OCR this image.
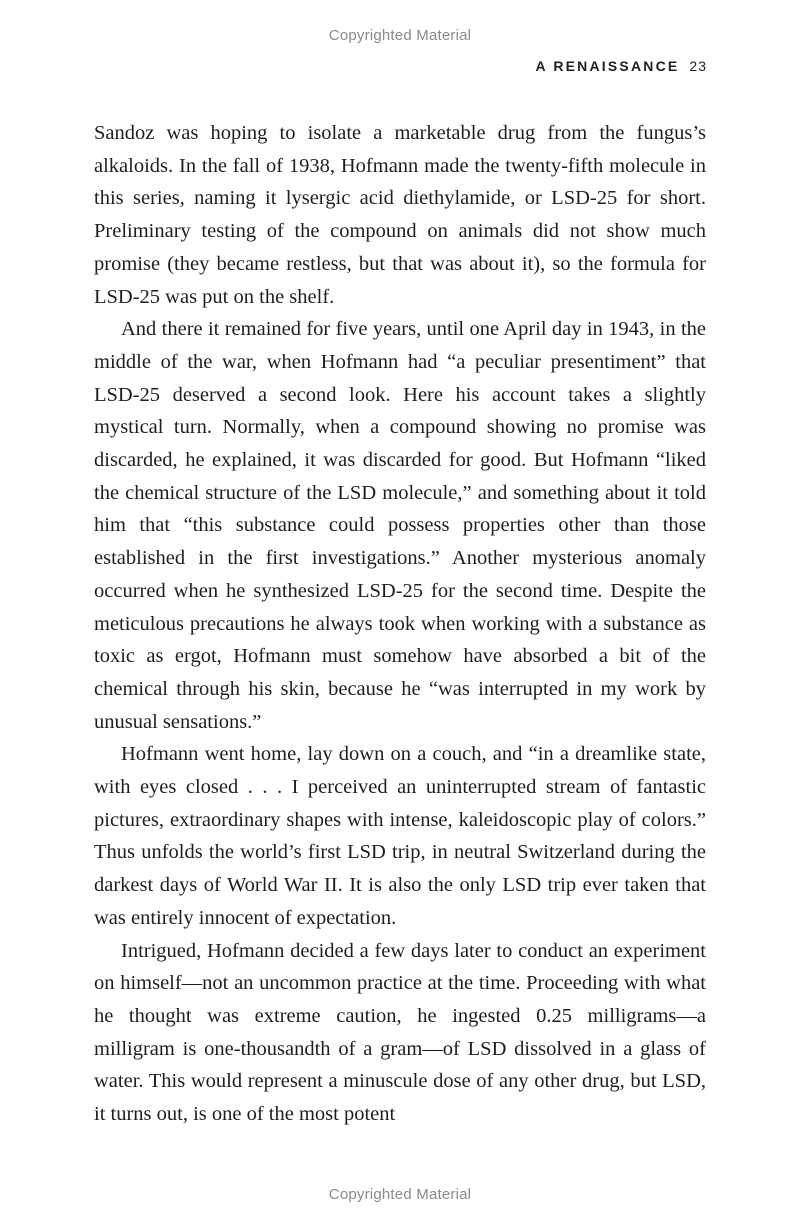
Copyrighted Material
A RENAISSANCE 23

Sandoz was hoping to isolate a marketable drug from the fungus’s alkaloids. In the fall of 1938, Hofmann made the twenty-fifth molecule in this series, naming it lysergic acid diethylamide, or LSD-25 for short. Preliminary testing of the compound on animals did not show much promise (they became restless, but that was about it), so the formula for LSD-25 was put on the shelf.

And there it remained for five years, until one April day in 1943, in the middle of the war, when Hofmann had “a peculiar presentiment” that LSD-25 deserved a second look. Here his account takes a slightly mystical turn. Normally, when a compound showing no promise was discarded, he explained, it was discarded for good. But Hofmann “liked the chemical structure of the LSD molecule,” and something about it told him that “this substance could possess properties other than those established in the first investigations.” Another mysterious anomaly occurred when he synthesized LSD-25 for the second time. Despite the meticulous precautions he always took when working with a substance as toxic as ergot, Hofmann must somehow have absorbed a bit of the chemical through his skin, because he “was interrupted in my work by unusual sensations.”

Hofmann went home, lay down on a couch, and “in a dreamlike state, with eyes closed . . . I perceived an uninterrupted stream of fantastic pictures, extraordinary shapes with intense, kaleidoscopic play of colors.” Thus unfolds the world’s first LSD trip, in neutral Switzerland during the darkest days of World War II. It is also the only LSD trip ever taken that was entirely innocent of expectation.

Intrigued, Hofmann decided a few days later to conduct an experiment on himself—not an uncommon practice at the time. Proceeding with what he thought was extreme caution, he ingested 0.25 milligrams—a milligram is one-thousandth of a gram—of LSD dissolved in a glass of water. This would represent a minuscule dose of any other drug, but LSD, it turns out, is one of the most potent

Copyrighted Material
